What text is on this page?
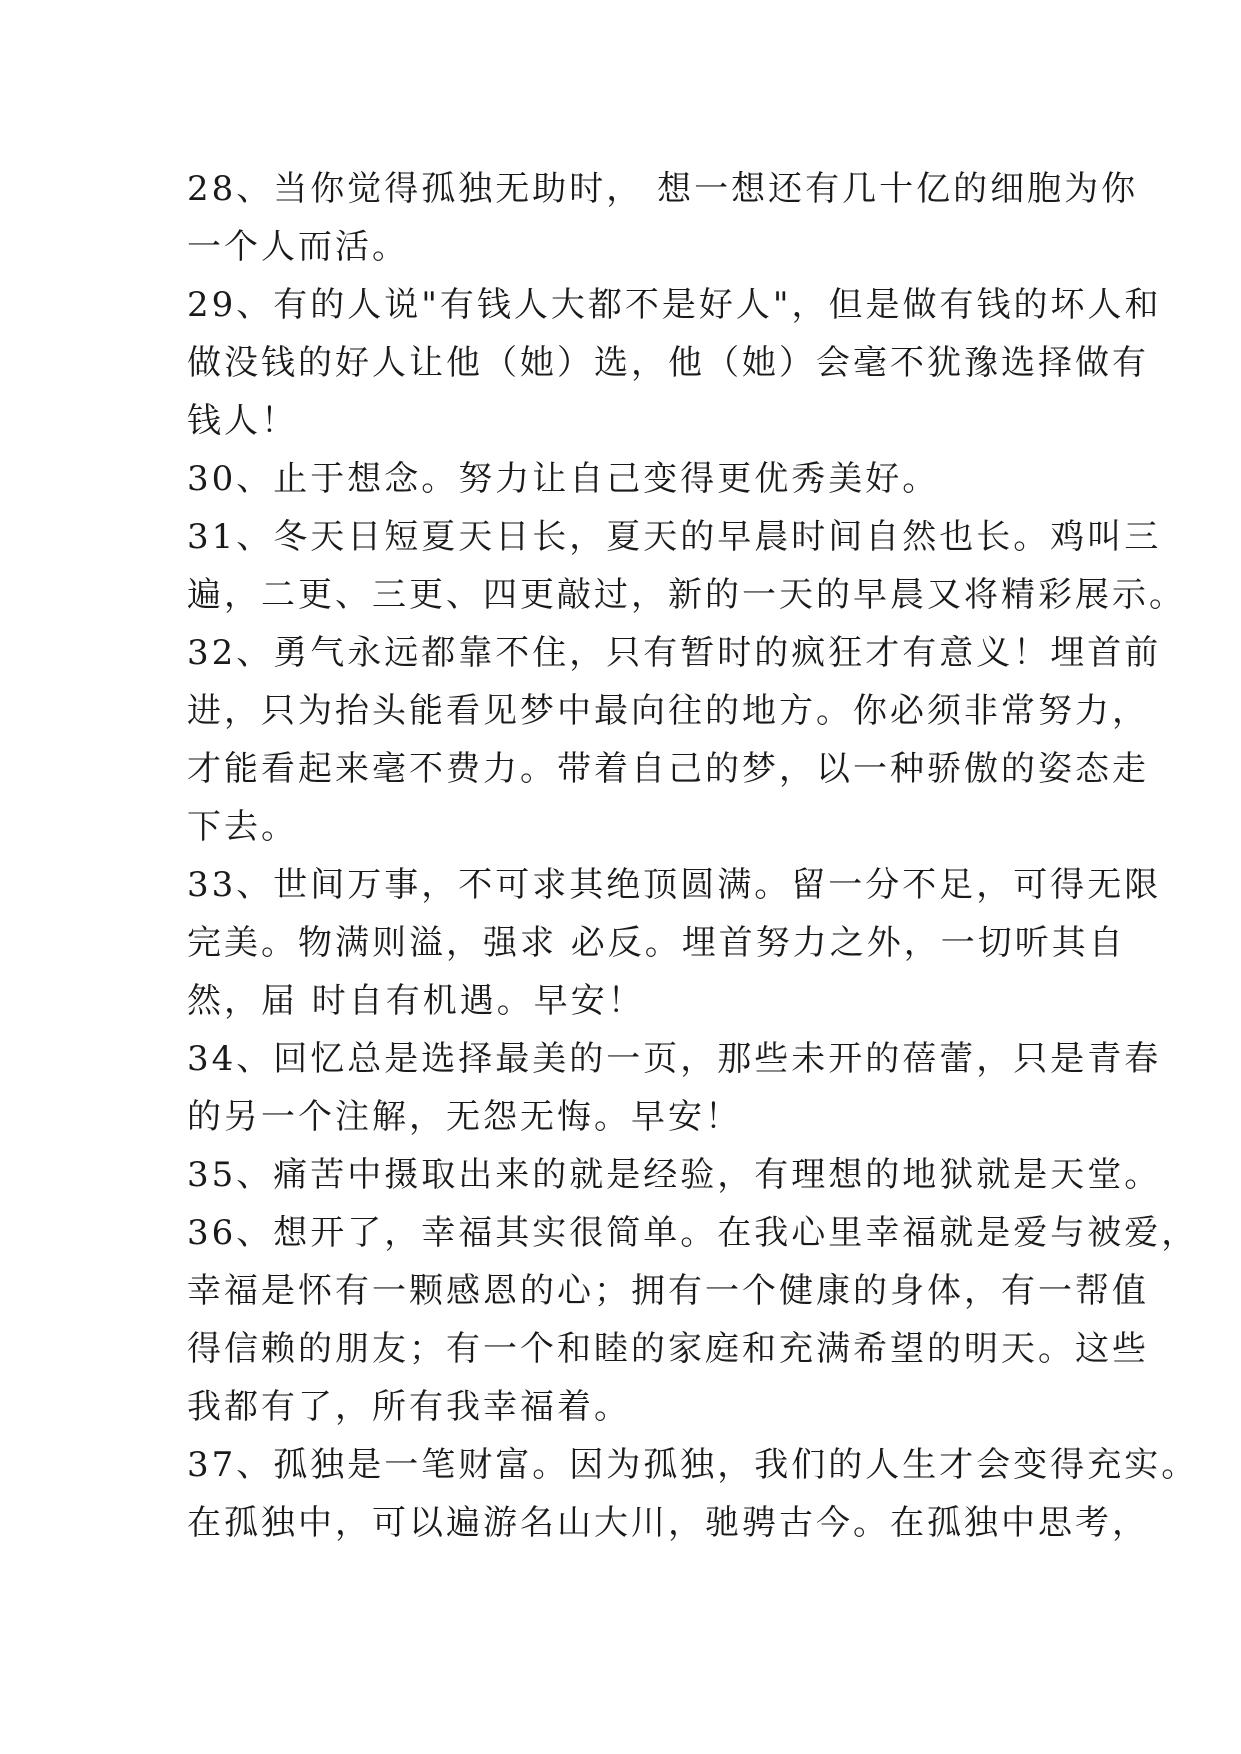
28、当你觉得孤独无助时， 想一想还有几十亿的细胞为你
一个人而活。
29、有的人说"有钱人大都不是好人"，但是做有钱的坏人和
做没钱的好人让他（她）选，他（她）会毫不犹豫选择做有
钱人！
30、止于想念。努力让自己变得更优秀美好。
31、冬天日短夏天日长，夏天的早晨时间自然也长。鸡叫三
遍，二更、三更、四更敲过，新的一天的早晨又将精彩展示。
32、勇气永远都靠不住，只有暂时的疯狂才有意义！埋首前
进，只为抬头能看见梦中最向往的地方。你必须非常努力，
才能看起来毫不费力。带着自己的梦，以一种骄傲的姿态走
下去。
33、世间万事，不可求其绝顶圆满。留一分不足，可得无限
完美。物满则溢，强求 必反。埋首努力之外，一切听其自
然，届 时自有机遇。早安！
34、回忆总是选择最美的一页，那些未开的蓓蕾，只是青春
的另一个注解，无怨无悔。早安！
35、痛苦中摄取出来的就是经验，有理想的地狱就是天堂。
36、想开了，幸福其实很简单。在我心里幸福就是爱与被爱，
幸福是怀有一颗感恩的心；拥有一个健康的身体，有一帮值
得信赖的朋友；有一个和睦的家庭和充满希望的明天。这些
我都有了，所有我幸福着。
37、孤独是一笔财富。因为孤独，我们的人生才会变得充实。
在孤独中，可以遍游名山大川，驰骋古今。在孤独中思考，
